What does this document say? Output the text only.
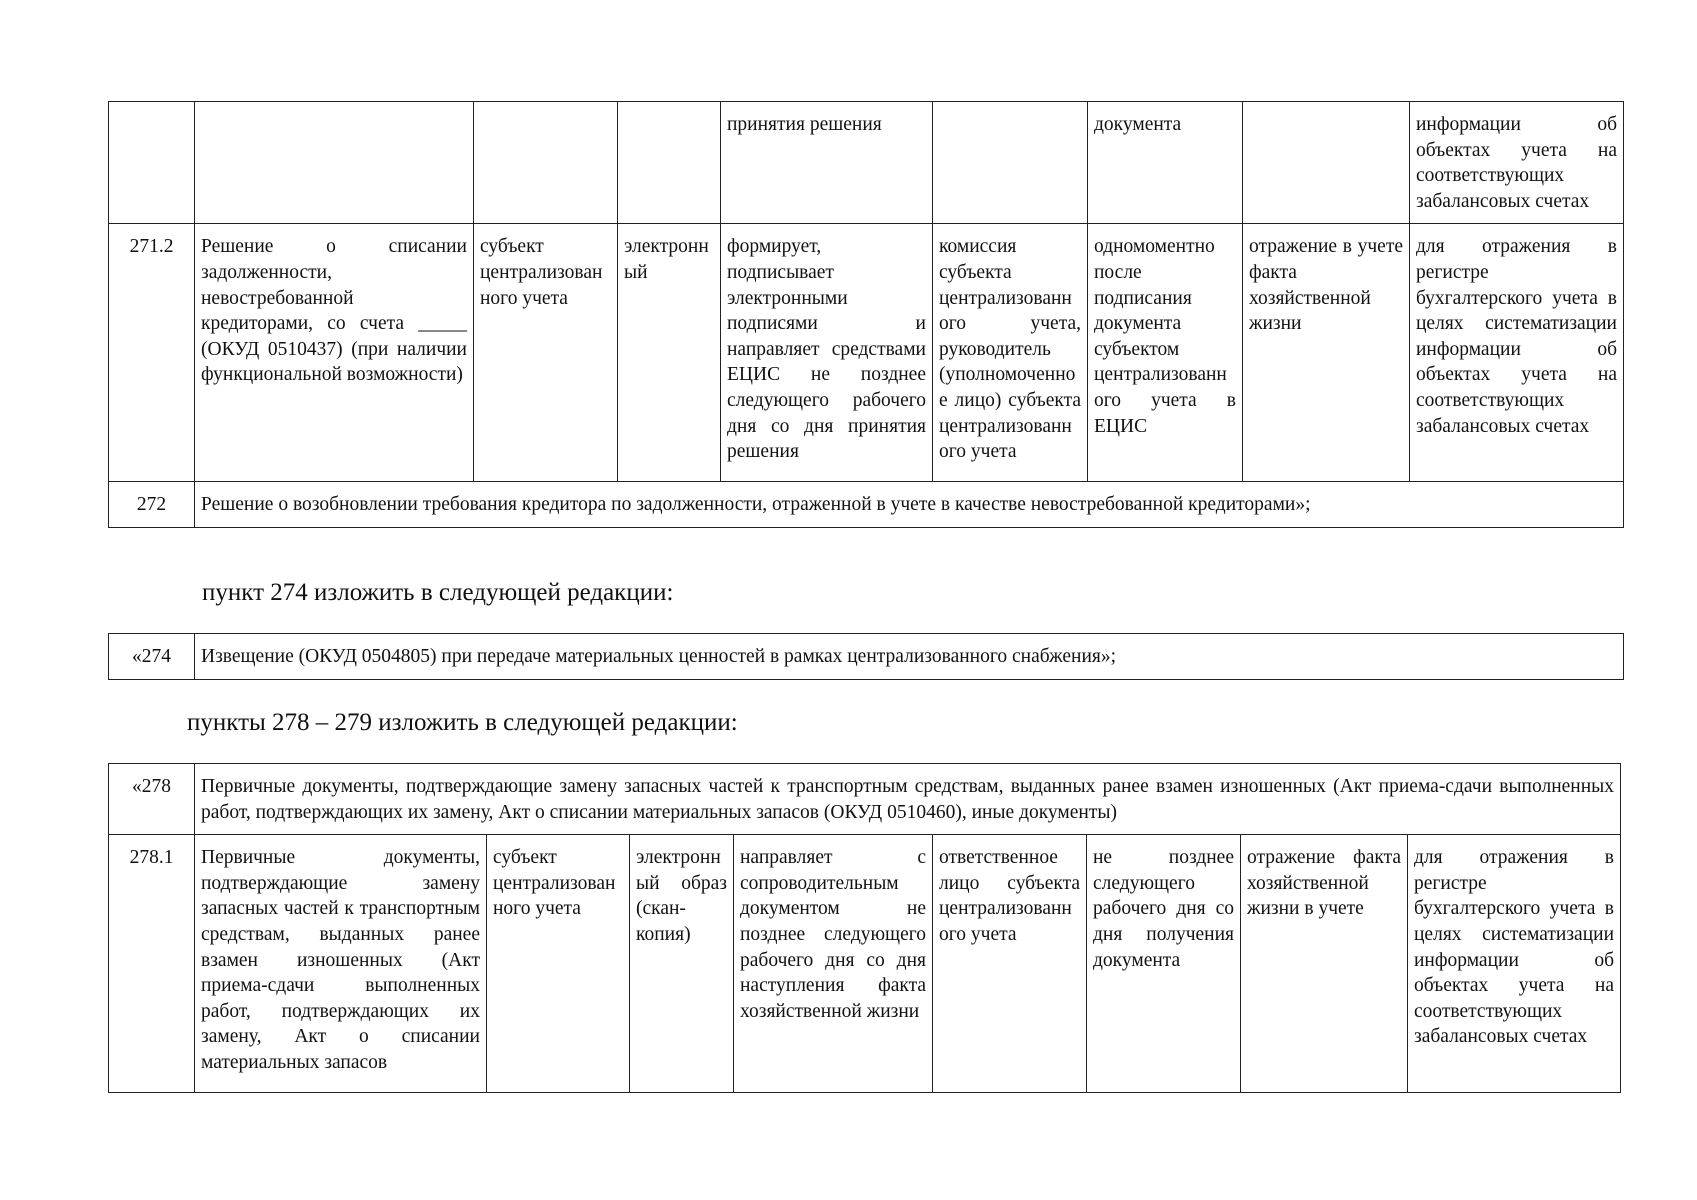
				принятия решения		документа		информации об объектах учета на соответствующих забалансовых счетах
271.2	Решение о списании задолженности, невостребованной кредиторами, со счета _____ (ОКУД 0510437) (при наличии функциональной возможности)	субъект централизованного учета	электронный	формирует, подписывает электронными подписями и направляет средствами ЕЦИС не позднее следующего рабочего дня со дня принятия решения	комиссия субъекта централизованного учета, руководитель (уполномоченное лицо) субъекта централизованного учета	одномоментно после подписания документа субъектом централизованного учета в ЕЦИС	отражение в учете факта хозяйственной жизни	для отражения в регистре бухгалтерского учета в целях систематизации информации об объектах учета на соответствующих забалансовых счетах
272	Решение о возобновлении требования кредитора по задолженности, отраженной в учете в качестве невостребованной кредиторами»;							
пункт 274 изложить в следующей редакции:
«274	Извещение (ОКУД 0504805) при передаче материальных ценностей в рамках централизованного снабжения»;
пункты 278 – 279 изложить в следующей редакции:
«278	Первичные документы, подтверждающие замену запасных частей к транспортным средствам, выданных ранее взамен изношенных (Акт приема-сдачи выполненных работ, подтверждающих их замену, Акт о списании материальных запасов (ОКУД 0510460), иные документы)							
278.1	Первичные документы, подтверждающие замену запасных частей к транспортным средствам, выданных ранее взамен изношенных (Акт приема-сдачи выполненных работ, подтверждающих их замену, Акт о списании материальных запасов	субъект централизованного учета	электронный образ (скан-копия)	направляет с сопроводительным документом не позднее следующего рабочего дня со дня наступления факта хозяйственной жизни	ответственное лицо субъекта централизованного учета	не позднее следующего рабочего дня со дня получения документа	отражение факта хозяйственной жизни в учете	для отражения в регистре бухгалтерского учета в целях систематизации информации об объектах учета на соответствующих забалансовых счетах
